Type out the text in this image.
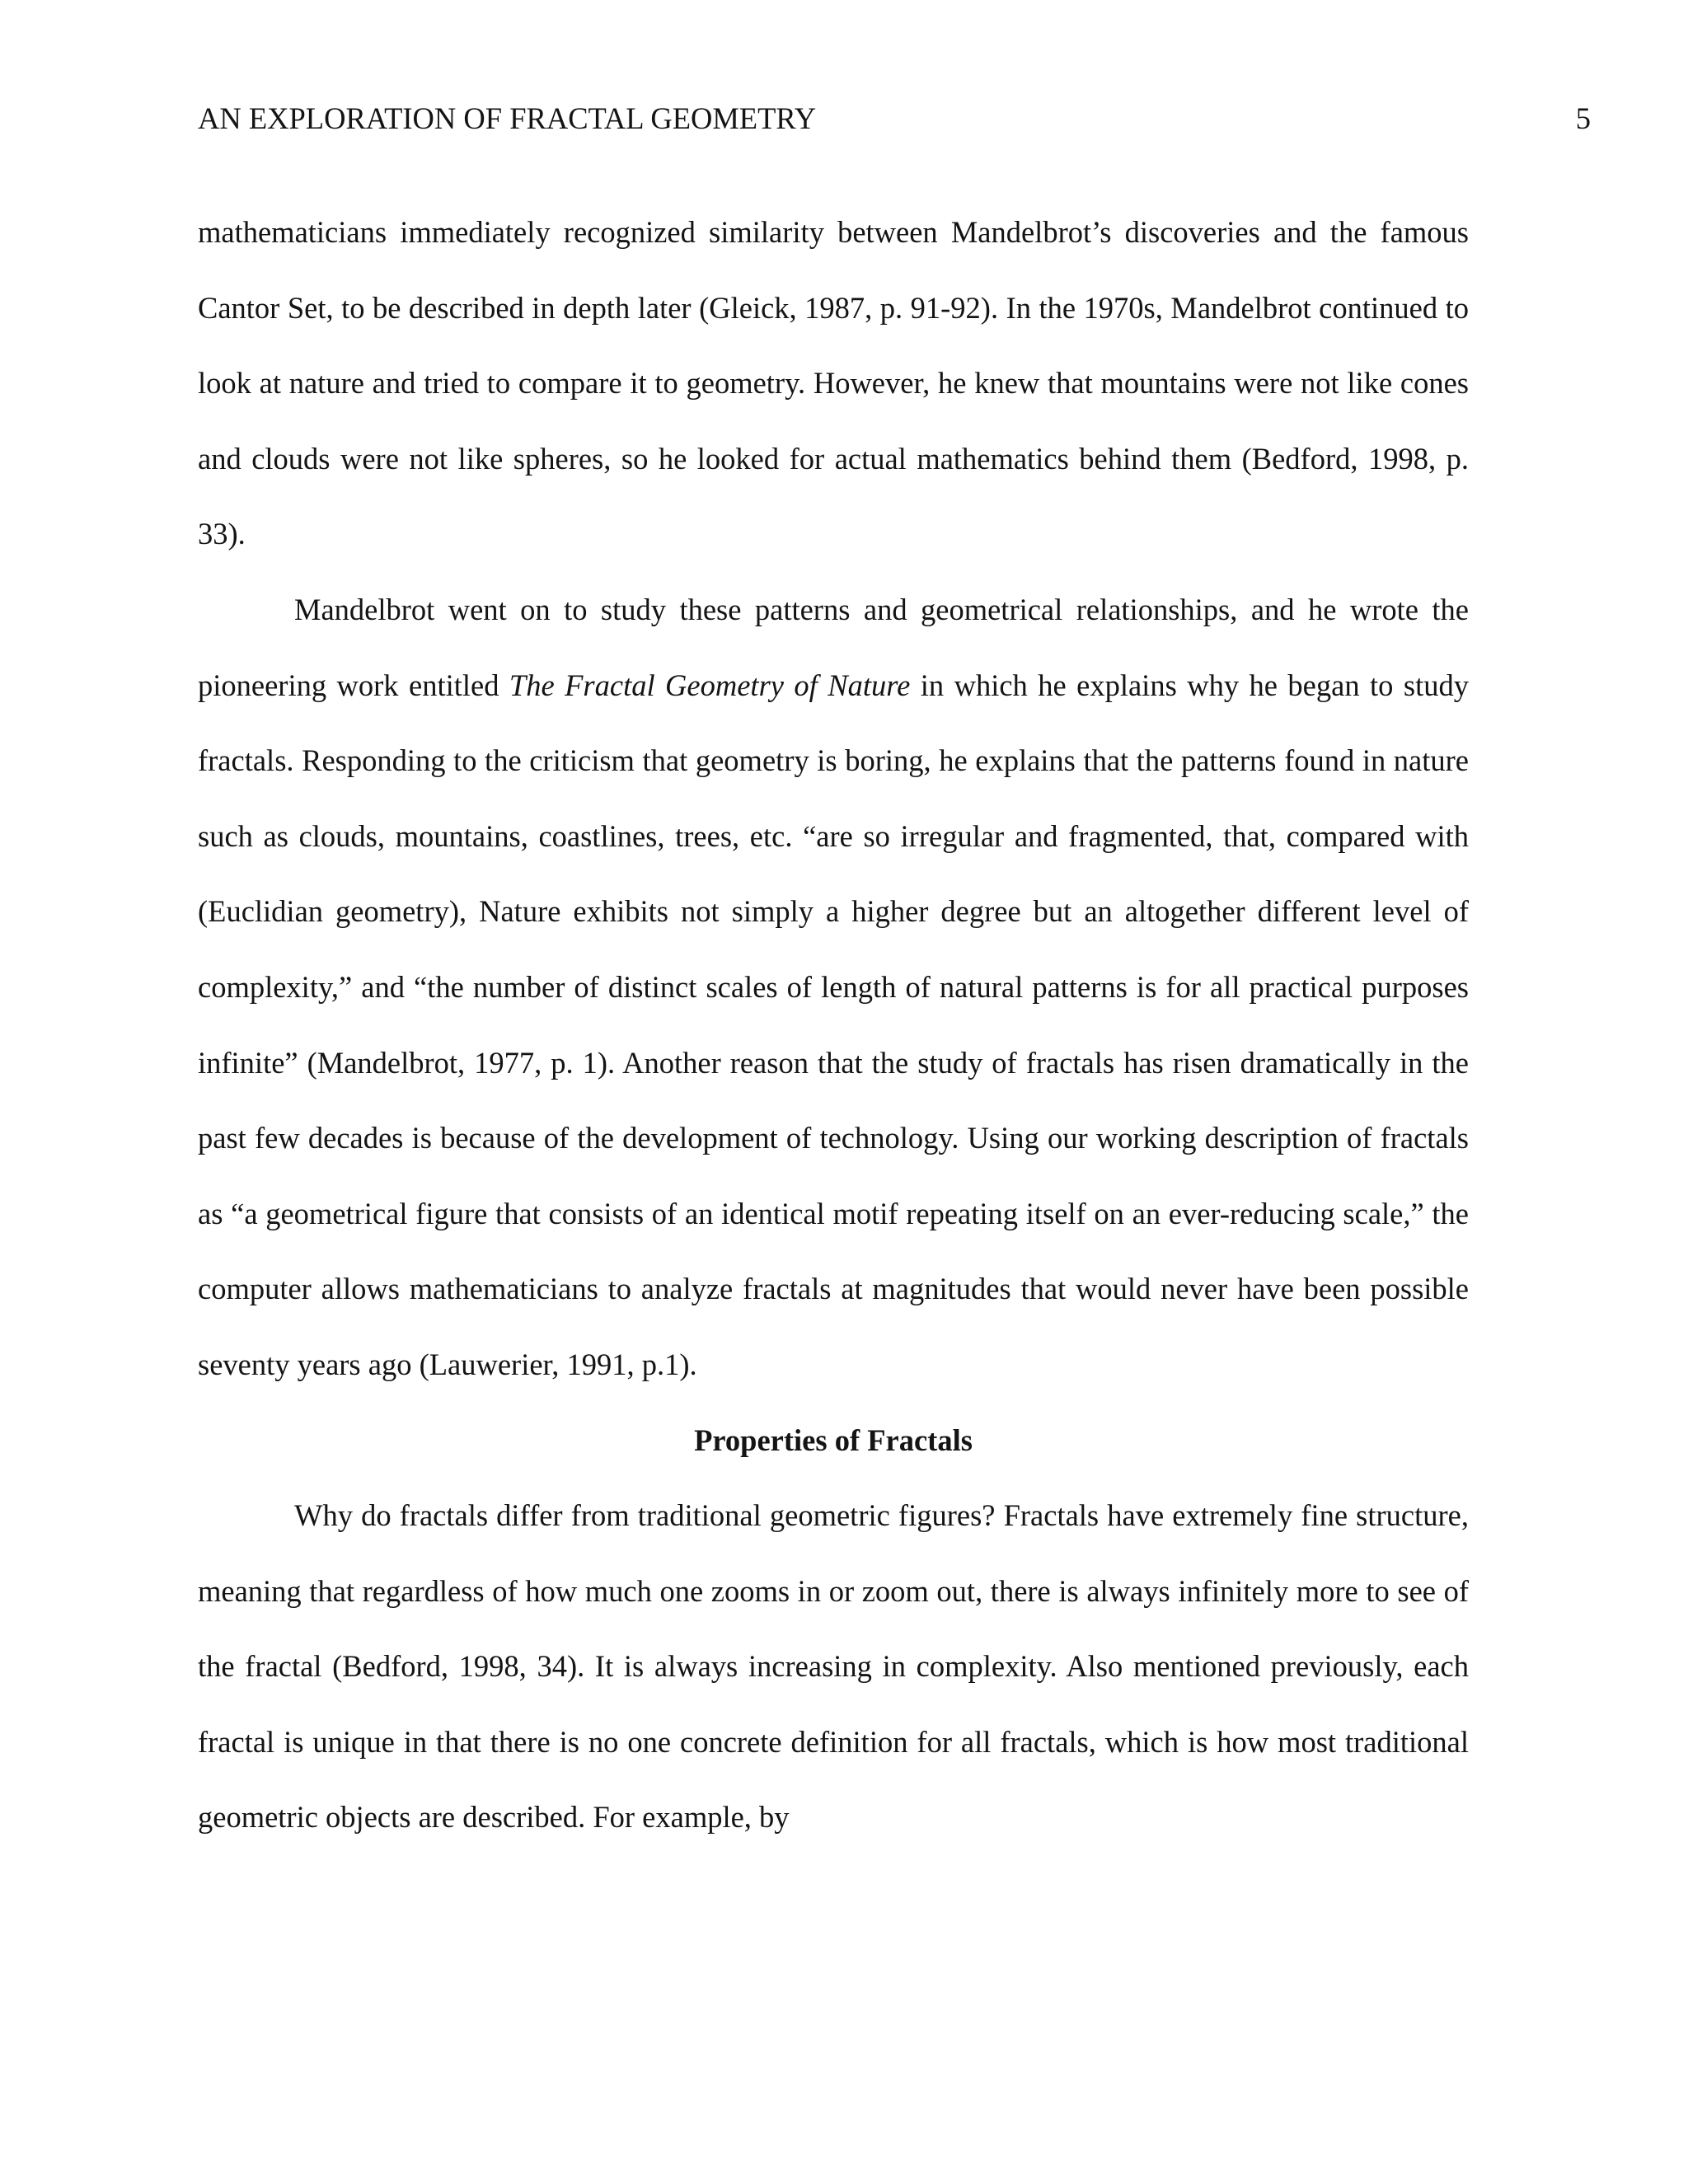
AN EXPLORATION OF FRACTAL GEOMETRY	5

mathematicians immediately recognized similarity between Mandelbrot’s discoveries and the famous Cantor Set, to be described in depth later (Gleick, 1987, p. 91-92). In the 1970s, Mandelbrot continued to look at nature and tried to compare it to geometry. However, he knew that mountains were not like cones and clouds were not like spheres, so he looked for actual mathematics behind them (Bedford, 1998, p. 33).

Mandelbrot went on to study these patterns and geometrical relationships, and he wrote the pioneering work entitled The Fractal Geometry of Nature in which he explains why he began to study fractals. Responding to the criticism that geometry is boring, he explains that the patterns found in nature such as clouds, mountains, coastlines, trees, etc. “are so irregular and fragmented, that, compared with (Euclidian geometry), Nature exhibits not simply a higher degree but an altogether different level of complexity,” and “the number of distinct scales of length of natural patterns is for all practical purposes infinite” (Mandelbrot, 1977, p. 1). Another reason that the study of fractals has risen dramatically in the past few decades is because of the development of technology. Using our working description of fractals as “a geometrical figure that consists of an identical motif repeating itself on an ever-reducing scale,” the computer allows mathematicians to analyze fractals at magnitudes that would never have been possible seventy years ago (Lauwerier, 1991, p.1).

Properties of Fractals

Why do fractals differ from traditional geometric figures? Fractals have extremely fine structure, meaning that regardless of how much one zooms in or zoom out, there is always infinitely more to see of the fractal (Bedford, 1998, 34). It is always increasing in complexity. Also mentioned previously, each fractal is unique in that there is no one concrete definition for all fractals, which is how most traditional geometric objects are described. For example, by
